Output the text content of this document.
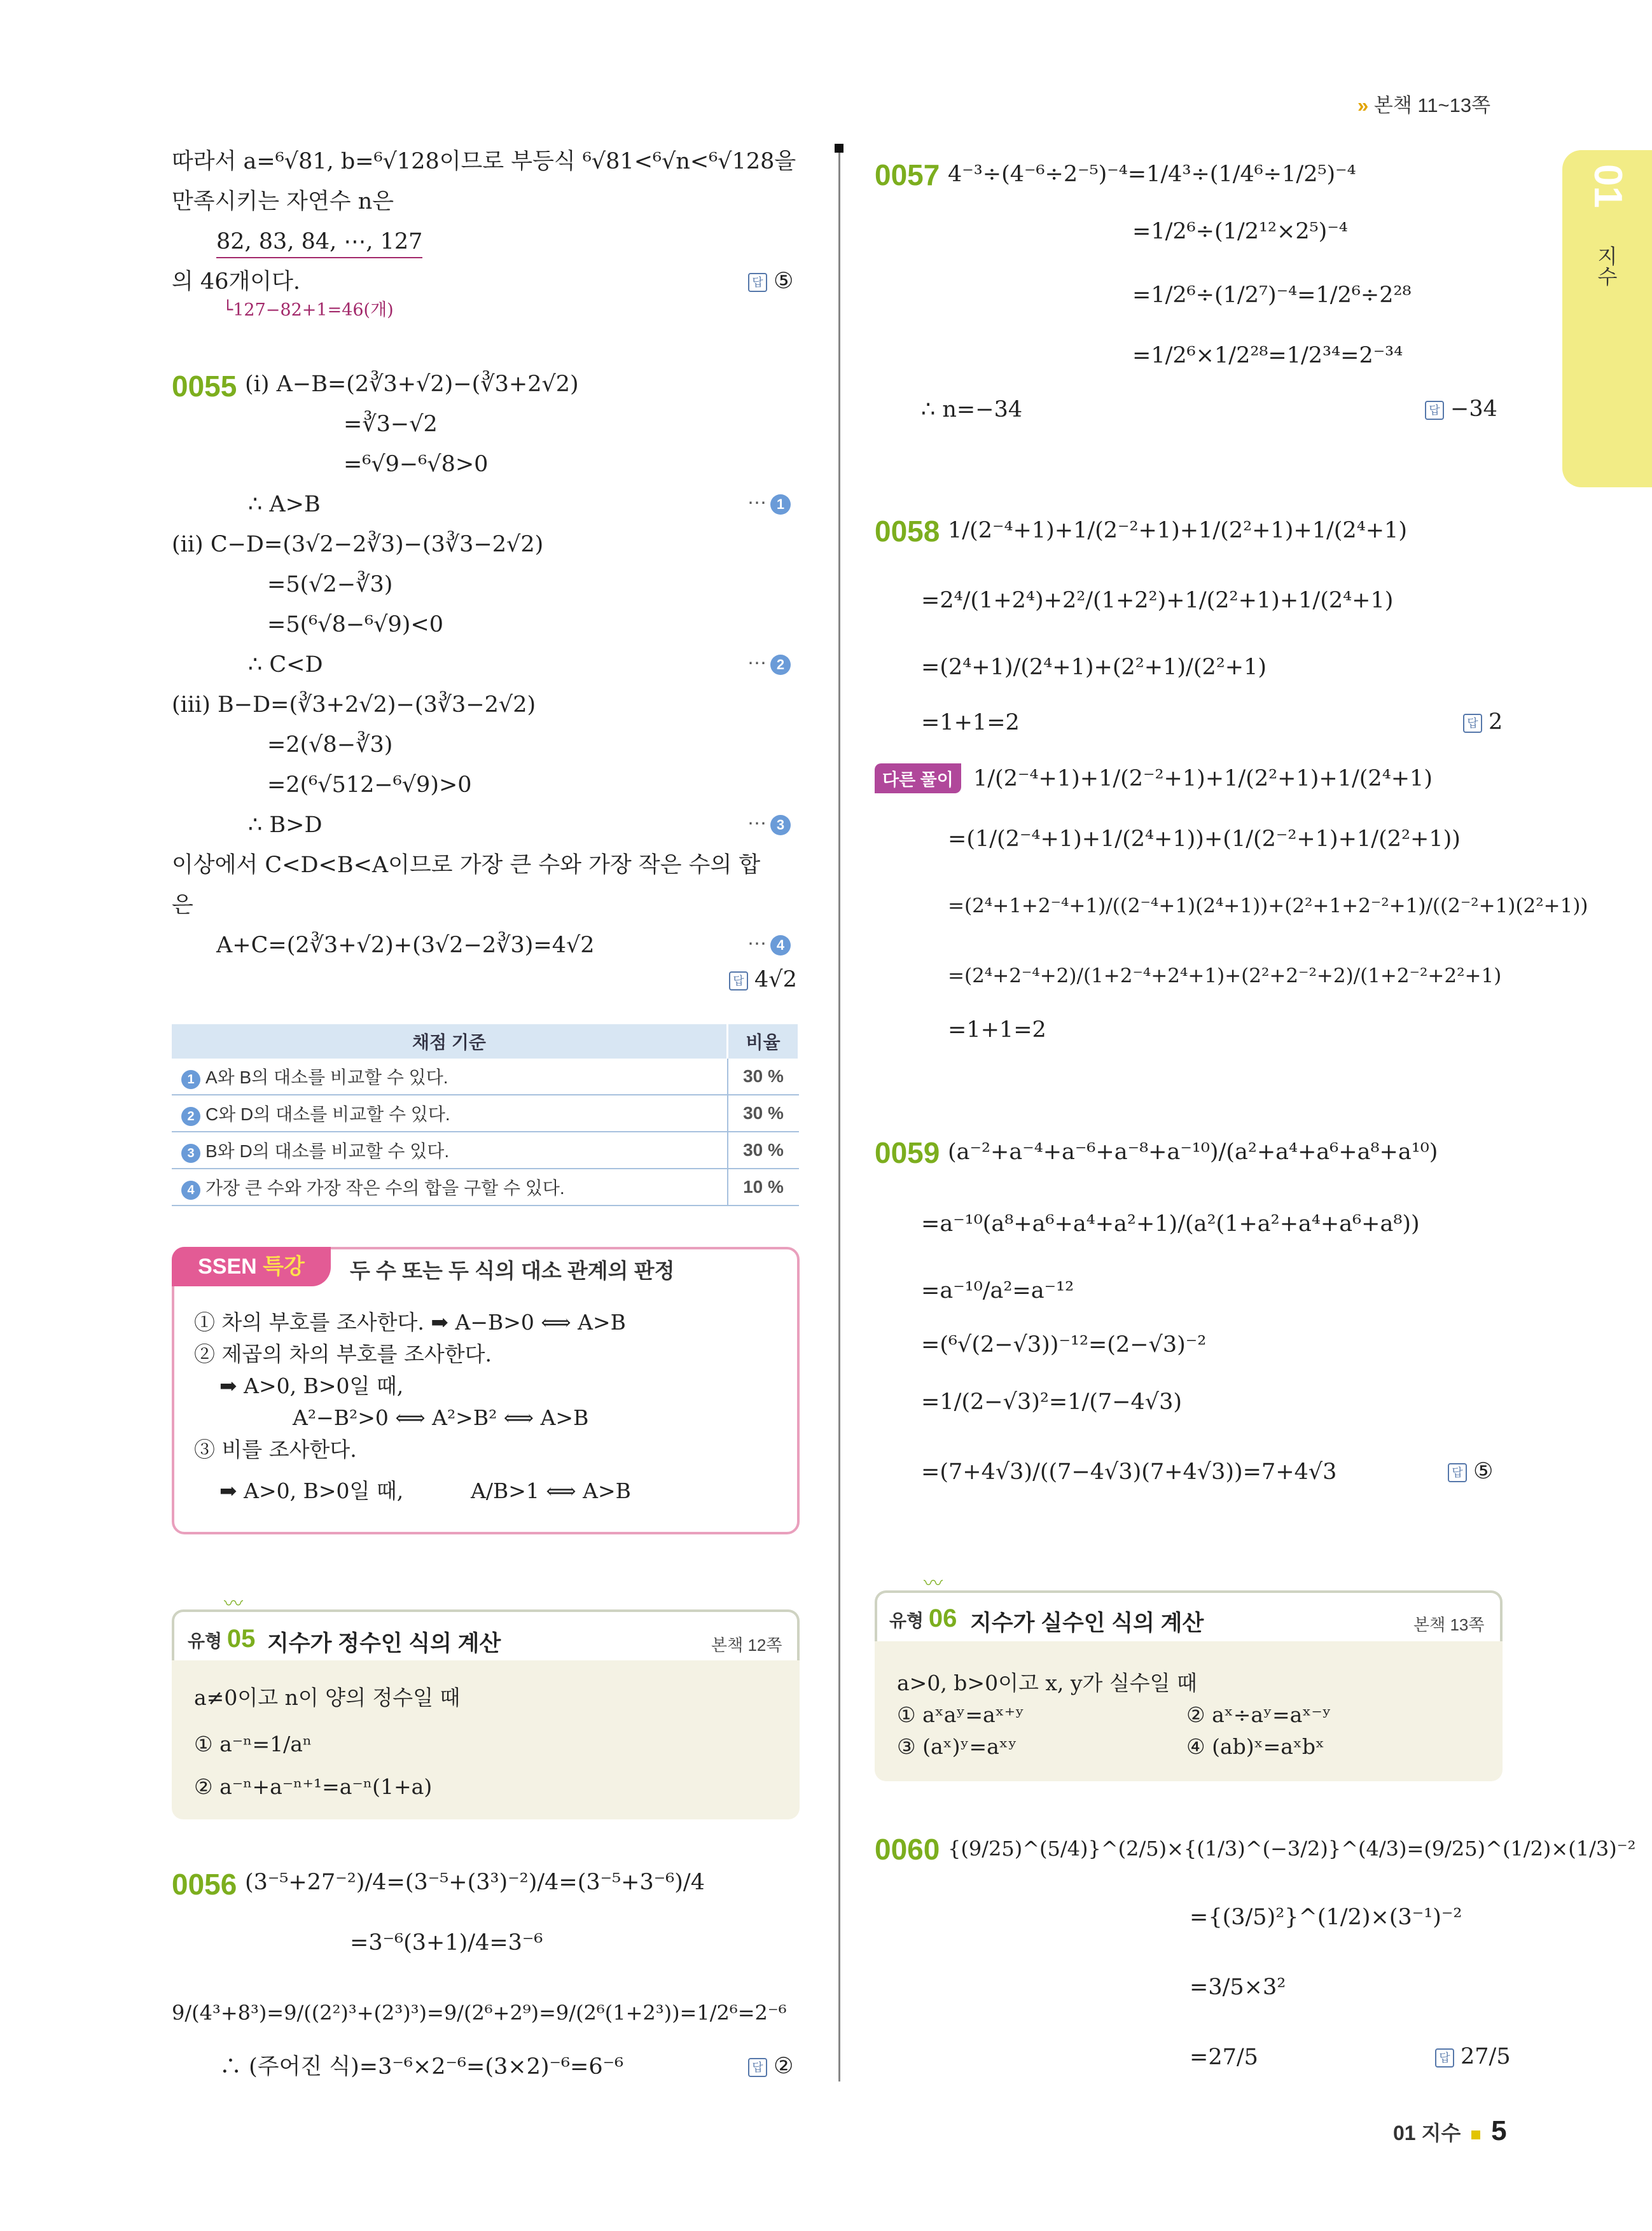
» 본책 11~13쪽
01
지수
따라서 a=⁶√81, b=⁶√128이므로 부등식 ⁶√81<⁶√n<⁶√128을
만족시키는 자연수 n은
82, 83, 84, ⋯, 127
의 46개이다.
└127−82+1=46(개)
답 ⑤
0055 (i) A−B=(2∛3+√2)−(∛3+2√2)
=∛3−√2
=⁶√9−⁶√8>0
∴ A>B	⋯ 1
(ii) C−D=(3√2−2∛3)−(3∛3−2√2)
=5(√2−∛3)
=5(⁶√8−⁶√9)<0
∴ C<D	⋯ 2
(iii) B−D=(∛3+2√2)−(3∛3−2√2)
=2(√8−∛3)
=2(⁶√512−⁶√9)>0
∴ B>D	⋯ 3
이상에서 C<D<B<A이므로 가장 큰 수와 가장 작은 수의 합
은
A+C=(2∛3+√2)+(3√2−2∛3)=4√2	⋯ 4
답 4√2
채점 기준	비율
1 A와 B의 대소를 비교할 수 있다.	30 %
2 C와 D의 대소를 비교할 수 있다.	30 %
3 B와 D의 대소를 비교할 수 있다.	30 %
4 가장 큰 수와 가장 작은 수의 합을 구할 수 있다.	10 %
SSEN 특강	두 수 또는 두 식의 대소 관계의 판정
① 차의 부호를 조사한다. ➡ A−B>0 ⟺ A>B
② 제곱의 차의 부호를 조사한다.
➡ A>0, B>0일 때,
A²−B²>0 ⟺ A²>B² ⟺ A>B
③ 비를 조사한다.
➡ A>0, B>0일 때,	A/B>1 ⟺ A>B
〰
유형 05 지수가 정수인 식의 계산	본책 12쪽
a≠0이고 n이 양의 정수일 때
① a⁻ⁿ=1/aⁿ
② a⁻ⁿ+a⁻ⁿ⁺¹=a⁻ⁿ(1+a)
0056 (3⁻⁵+27⁻²)/4=(3⁻⁵+(3³)⁻²)/4=(3⁻⁵+3⁻⁶)/4
=3⁻⁶(3+1)/4=3⁻⁶
9/(4³+8³)=9/((2²)³+(2³)³)=9/(2⁶+2⁹)=9/(2⁶(1+2³))=1/2⁶=2⁻⁶
∴ (주어진 식)=3⁻⁶×2⁻⁶=(3×2)⁻⁶=6⁻⁶	답 ②
0057 4⁻³÷(4⁻⁶÷2⁻⁵)⁻⁴=1/4³÷(1/4⁶÷1/2⁵)⁻⁴
=1/2⁶÷(1/2¹²×2⁵)⁻⁴
=1/2⁶÷(1/2⁷)⁻⁴=1/2⁶÷2²⁸
=1/2⁶×1/2²⁸=1/2³⁴=2⁻³⁴
∴ n=−34	답 −34
0058 1/(2⁻⁴+1)+1/(2⁻²+1)+1/(2²+1)+1/(2⁴+1)
=2⁴/(1+2⁴)+2²/(1+2²)+1/(2²+1)+1/(2⁴+1)
=(2⁴+1)/(2⁴+1)+(2²+1)/(2²+1)
=1+1=2	답 2
다른 풀이 1/(2⁻⁴+1)+1/(2⁻²+1)+1/(2²+1)+1/(2⁴+1)
=(1/(2⁻⁴+1)+1/(2⁴+1))+(1/(2⁻²+1)+1/(2²+1))
=(2⁴+1+2⁻⁴+1)/((2⁻⁴+1)(2⁴+1))+(2²+1+2⁻²+1)/((2⁻²+1)(2²+1))
=(2⁴+2⁻⁴+2)/(1+2⁻⁴+2⁴+1)+(2²+2⁻²+2)/(1+2⁻²+2²+1)
=1+1=2
0059 (a⁻²+a⁻⁴+a⁻⁶+a⁻⁸+a⁻¹⁰)/(a²+a⁴+a⁶+a⁸+a¹⁰)
=a⁻¹⁰(a⁸+a⁶+a⁴+a²+1)/(a²(1+a²+a⁴+a⁶+a⁸))
=a⁻¹⁰/a²=a⁻¹²
=(⁶√(2−√3))⁻¹²=(2−√3)⁻²
=1/(2−√3)²=1/(7−4√3)
=(7+4√3)/((7−4√3)(7+4√3))=7+4√3	답 ⑤
〰
유형 06 지수가 실수인 식의 계산	본책 13쪽
a>0, b>0이고 x, y가 실수일 때
① aˣaʸ=aˣ⁺ʸ	② aˣ÷aʸ=aˣ⁻ʸ
③ (aˣ)ʸ=aˣʸ	④ (ab)ˣ=aˣbˣ
0060 {(9/25)^(5/4)}^(2/5)×{(1/3)^(−3/2)}^(4/3)=(9/25)^(1/2)×(1/3)⁻²
={(3/5)²}^(1/2)×(3⁻¹)⁻²
=3/5×3²
=27/5	답 27/5
01 지수 5
